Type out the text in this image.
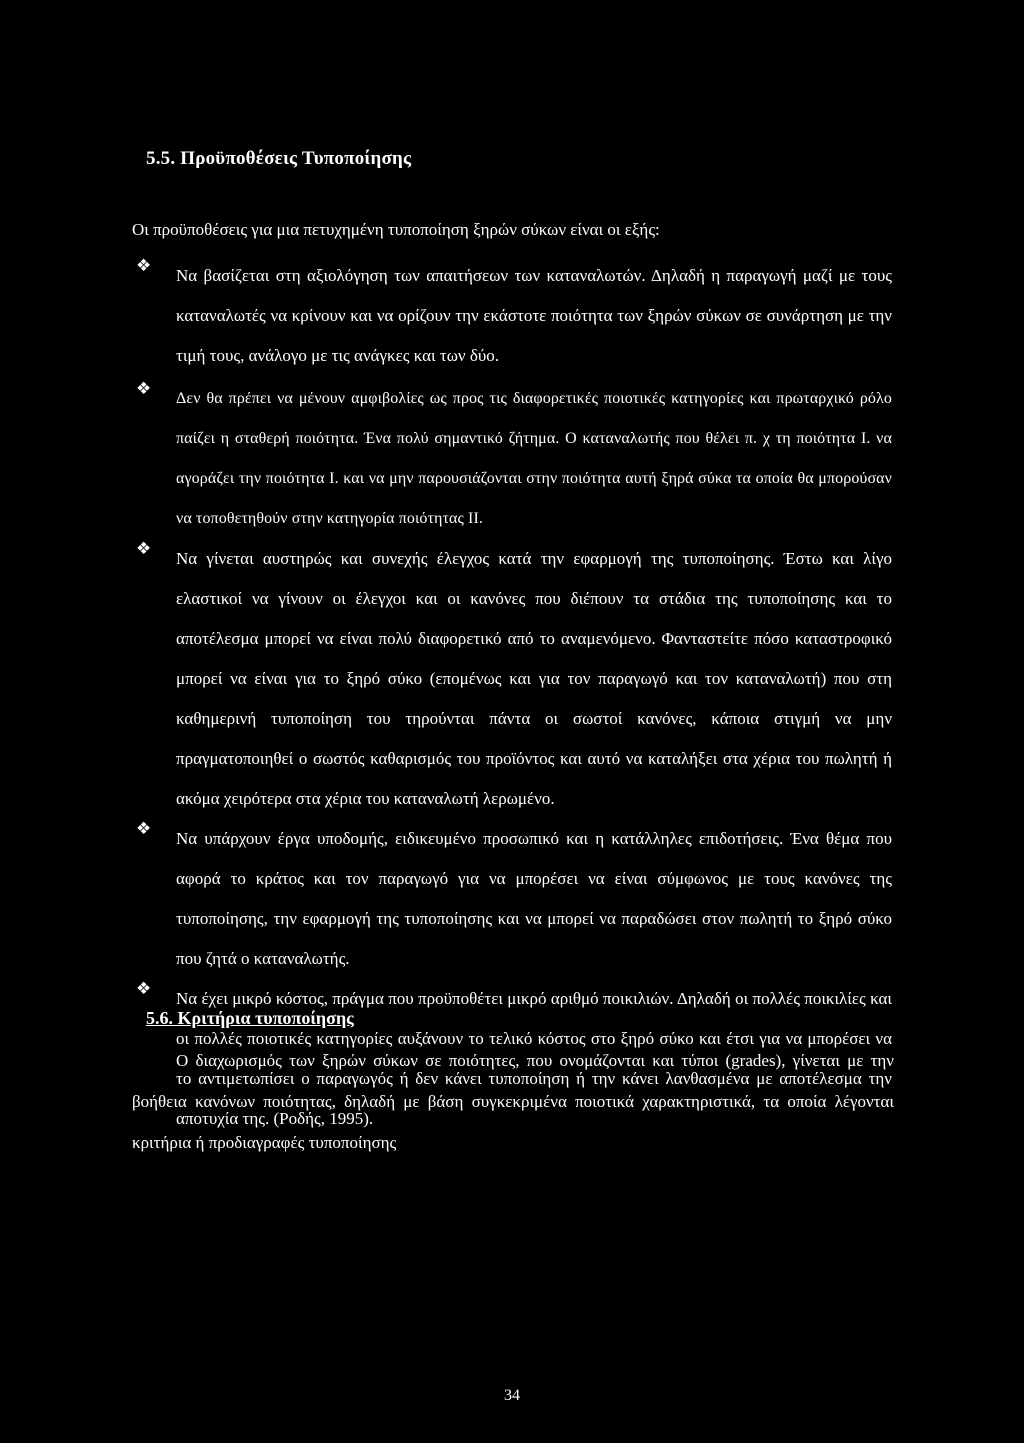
5.5. Προϋποθέσεις Τυποποίησης

Οι προϋποθέσεις για μια πετυχημένη τυποποίηση ξηρών σύκων είναι οι εξής:

❖ Να βασίζεται στη αξιολόγηση των απαιτήσεων των καταναλωτών. Δηλαδή η παραγωγή μαζί με τους καταναλωτές να κρίνουν και να ορίζουν την εκάστοτε ποιότητα των ξηρών σύκων σε συνάρτηση με την τιμή τους, ανάλογο με τις ανάγκες και των δύο.

❖ Δεν θα πρέπει να μένουν αμφιβολίες ως προς τις διαφορετικές ποιοτικές κατηγορίες και πρωταρχικό ρόλο παίζει η σταθερή ποιότητα. Ένα πολύ σημαντικό ζήτημα. Ο καταναλωτής που θέλει π. χ τη ποιότητα I. να αγοράζει την ποιότητα I. και να μην παρουσιάζονται στην ποιότητα αυτή ξηρά σύκα τα οποία θα μπορούσαν να τοποθετηθούν στην κατηγορία ποιότητας II.

❖ Να γίνεται αυστηρώς και συνεχής έλεγχος κατά την εφαρμογή της τυποποίησης. Έστω και λίγο ελαστικοί να γίνουν οι έλεγχοι και οι κανόνες που διέπουν τα στάδια της τυποποίησης και το αποτέλεσμα μπορεί να είναι πολύ διαφορετικό από το αναμενόμενο. Φανταστείτε πόσο καταστροφικό μπορεί να είναι για το ξηρό σύκο (επομένως και για τον παραγωγό και τον καταναλωτή) που στη καθημερινή τυποποίηση του τηρούνται πάντα οι σωστοί κανόνες, κάποια στιγμή να μην πραγματοποιηθεί ο σωστός καθαρισμός του προϊόντος και αυτό να καταλήξει στα χέρια του πωλητή ή ακόμα χειρότερα στα χέρια του καταναλωτή λερωμένο.

❖ Να υπάρχουν έργα υποδομής, ειδικευμένο προσωπικό και η κατάλληλες επιδοτήσεις. Ένα θέμα που αφορά το κράτος και τον παραγωγό για να μπορέσει να είναι σύμφωνος με τους κανόνες της τυποποίησης, την εφαρμογή της τυποποίησης και να μπορεί να παραδώσει στον πωλητή το ξηρό σύκο που ζητά ο καταναλωτής.

❖ Να έχει μικρό κόστος, πράγμα που προϋποθέτει μικρό αριθμό ποικιλιών. Δηλαδή οι πολλές ποικιλίες και οι πολλές ποιοτικές κατηγορίες αυξάνουν το τελικό κόστος στο ξηρό σύκο και έτσι για να μπορέσει να το αντιμετωπίσει ο παραγωγός ή δεν κάνει τυποποίηση ή την κάνει λανθασμένα με αποτέλεσμα την αποτυχία της. (Ροδής, 1995).

5.6. Κριτήρια τυποποίησης

Ο διαχωρισμός των ξηρών σύκων σε ποιότητες, που ονομάζονται και τύποι (grades), γίνεται με την βοήθεια κανόνων ποιότητας, δηλαδή με βάση συγκεκριμένα ποιοτικά χαρακτηριστικά, τα οποία λέγονται κριτήρια ή προδιαγραφές τυποποίησης

34
